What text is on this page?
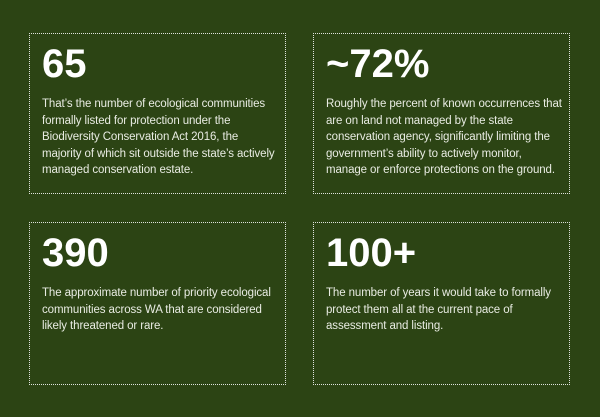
65

That’s the number of ecological communities formally listed for protection under the Biodiversity Conservation Act 2016, the majority of which sit outside the state’s actively managed conservation estate.

~72%

Roughly the percent of known occurrences that are on land not managed by the state conservation agency, significantly limiting the government’s ability to actively monitor, manage or enforce protections on the ground.

390

The approximate number of priority ecological communities across WA that are considered likely threatened or rare.

100+

The number of years it would take to formally protect them all at the current pace of assessment and listing.
